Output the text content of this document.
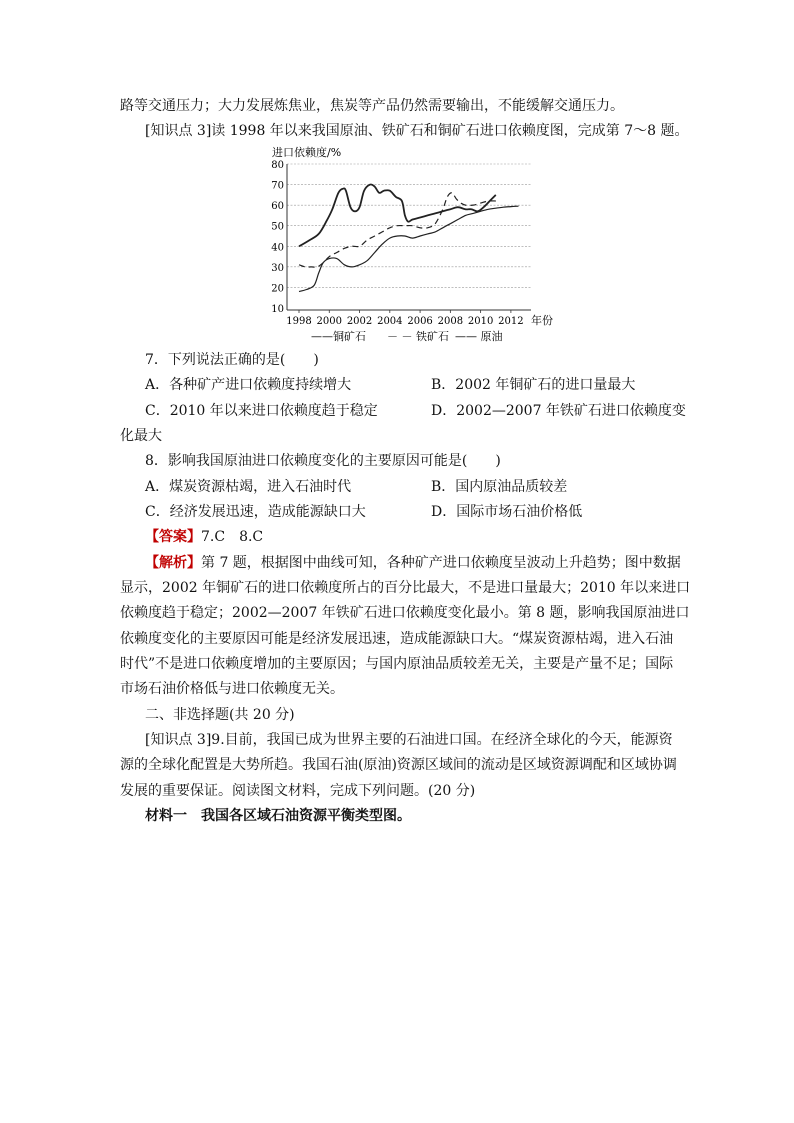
路等交通压力；大力发展炼焦业，焦炭等产品仍然需要输出，不能缓解交通压力。
[知识点 3]读 1998 年以来我国原油、铁矿石和铜矿石进口依赖度图，完成第 7～8 题。
进口依赖度/%
10
20
30
40
50
60
70
80
1998 2000 2002 2004 2006 2008 2010 2012 年份
——铜矿石 － － 铁矿石 —— 原油
7．下列说法正确的是(　　)
A．各种矿产进口依赖度持续增大	B．2002 年铜矿石的进口量最大
C．2010 年以来进口依赖度趋于稳定	D．2002—2007 年铁矿石进口依赖度变
化最大
8．影响我国原油进口依赖度变化的主要原因可能是(　　)
A．煤炭资源枯竭，进入石油时代	B．国内原油品质较差
C．经济发展迅速，造成能源缺口大	D．国际市场石油价格低
【答案】7.C　8.C
【解析】第 7 题，根据图中曲线可知，各种矿产进口依赖度呈波动上升趋势；图中数据
显示，2002 年铜矿石的进口依赖度所占的百分比最大，不是进口量最大；2010 年以来进口
依赖度趋于稳定；2002—2007 年铁矿石进口依赖度变化最小。第 8 题，影响我国原油进口
依赖度变化的主要原因可能是经济发展迅速，造成能源缺口大。“煤炭资源枯竭，进入石油
时代”不是进口依赖度增加的主要原因；与国内原油品质较差无关，主要是产量不足；国际
市场石油价格低与进口依赖度无关。
二、非选择题(共 20 分)
[知识点 3]9.目前，我国已成为世界主要的石油进口国。在经济全球化的今天，能源资
源的全球化配置是大势所趋。我国石油(原油)资源区域间的流动是区域资源调配和区域协调
发展的重要保证。阅读图文材料，完成下列问题。(20 分)
材料一　我国各区域石油资源平衡类型图。
